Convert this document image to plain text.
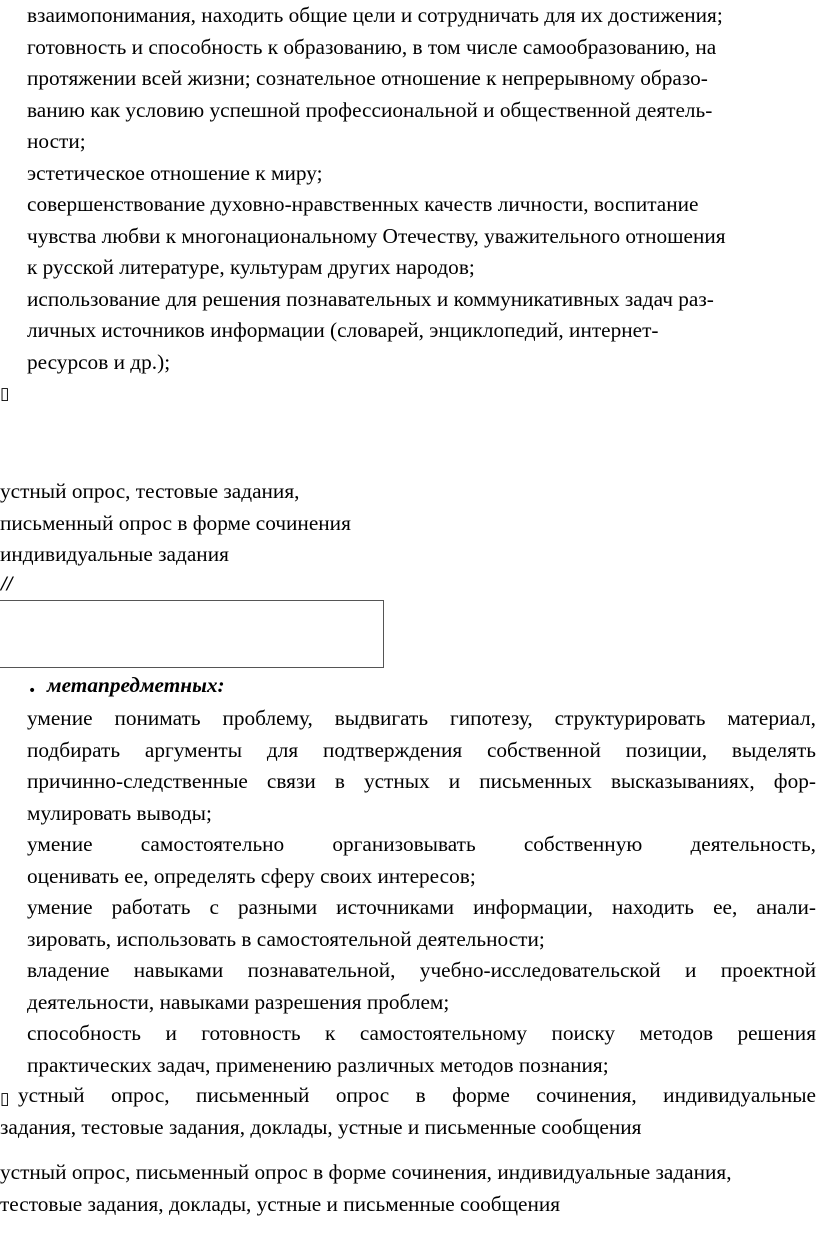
взаимопонимания, находить общие цели и сотрудничать для их достижения;
готовность и способность к образованию, в том числе самообразованию, на
протяжении всей жизни; сознательное отношение к непрерывному образо-
ванию как условию успешной профессиональной и общественной деятель-
ности;
эстетическое отношение к миру;
совершенствование духовно-нравственных качеств личности, воспитание
чувства любви к многонациональному Отечеству, уважительного отношения
к русской литературе, культурам других народов;
использование для решения познавательных и коммуникативных задач раз-
личных источников информации (словарей, энциклопедий, интернет-
ресурсов и др.);
▯
устный опрос, тестовые задания,
письменный опрос в форме сочинения
индивидуальные задания
//
• метапредметных:
умение понимать проблему, выдвигать гипотезу, структурировать материал,
подбирать аргументы для подтверждения собственной позиции, выделять
причинно-следственные связи в устных и письменных высказываниях, фор-
мулировать выводы;
умение самостоятельно организовывать собственную деятельность,
оценивать ее, определять сферу своих интересов;
умение работать с разными источниками информации, находить ее, анали-
зировать, использовать в самостоятельной деятельности;
владение навыками познавательной, учебно-исследовательской и проектной
деятельности, навыками разрешения проблем;
способность и готовность к самостоятельному поиску методов решения
практических задач, применению различных методов познания;
▯ устный опрос, письменный опрос в форме сочинения, индивидуальные
задания, тестовые задания, доклады, устные и письменные сообщения
устный опрос, письменный опрос в форме сочинения, индивидуальные задания,
тестовые задания, доклады, устные и письменные сообщения
